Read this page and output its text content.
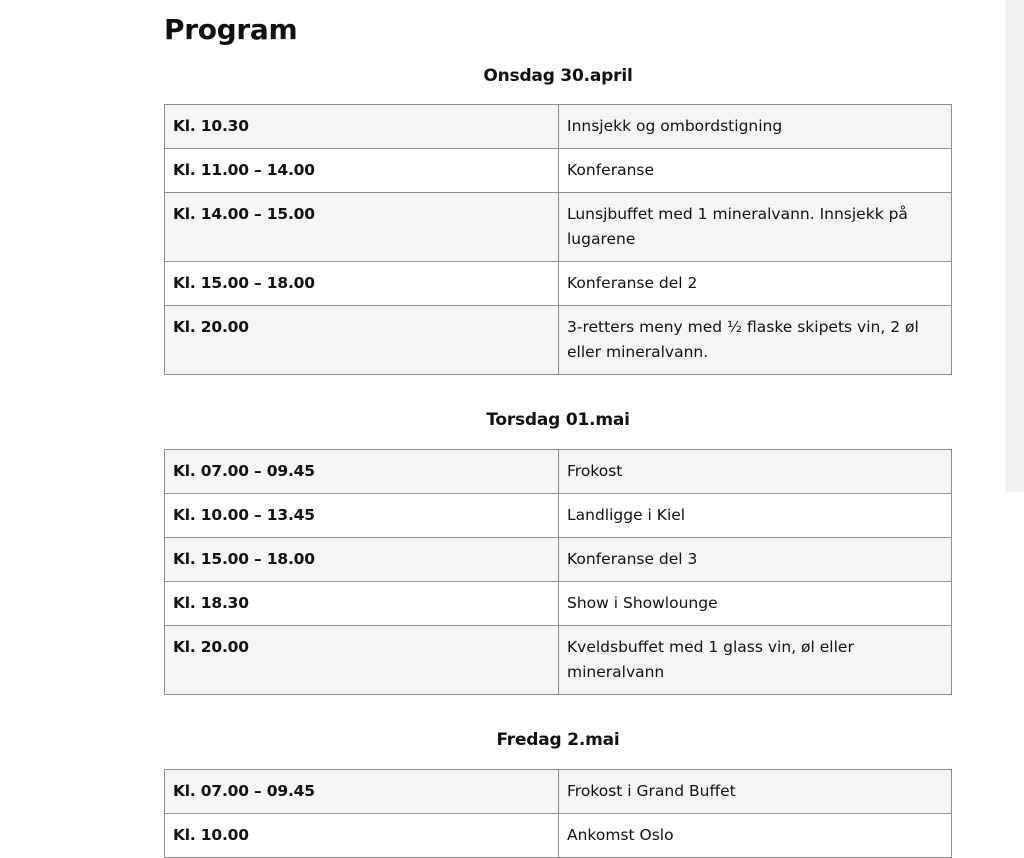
Program
Onsdag 30.april
Kl. 10.30	Innsjekk og ombordstigning
Kl. 11.00 – 14.00	Konferanse
Kl. 14.00 – 15.00	Lunsjbuffet med 1 mineralvann. Innsjekk på lugarene
Kl. 15.00 – 18.00	Konferanse del 2
Kl. 20.00	3-retters meny med ½ flaske skipets vin, 2 øl eller mineralvann.
Torsdag 01.mai
Kl. 07.00 – 09.45	Frokost
Kl. 10.00 – 13.45	Landligge i Kiel
Kl. 15.00 – 18.00	Konferanse del 3
Kl. 18.30	Show i Showlounge
Kl. 20.00	Kveldsbuffet med 1 glass vin, øl eller mineralvann
Fredag 2.mai
Kl. 07.00 – 09.45	Frokost i Grand Buffet
Kl. 10.00	Ankomst Oslo
